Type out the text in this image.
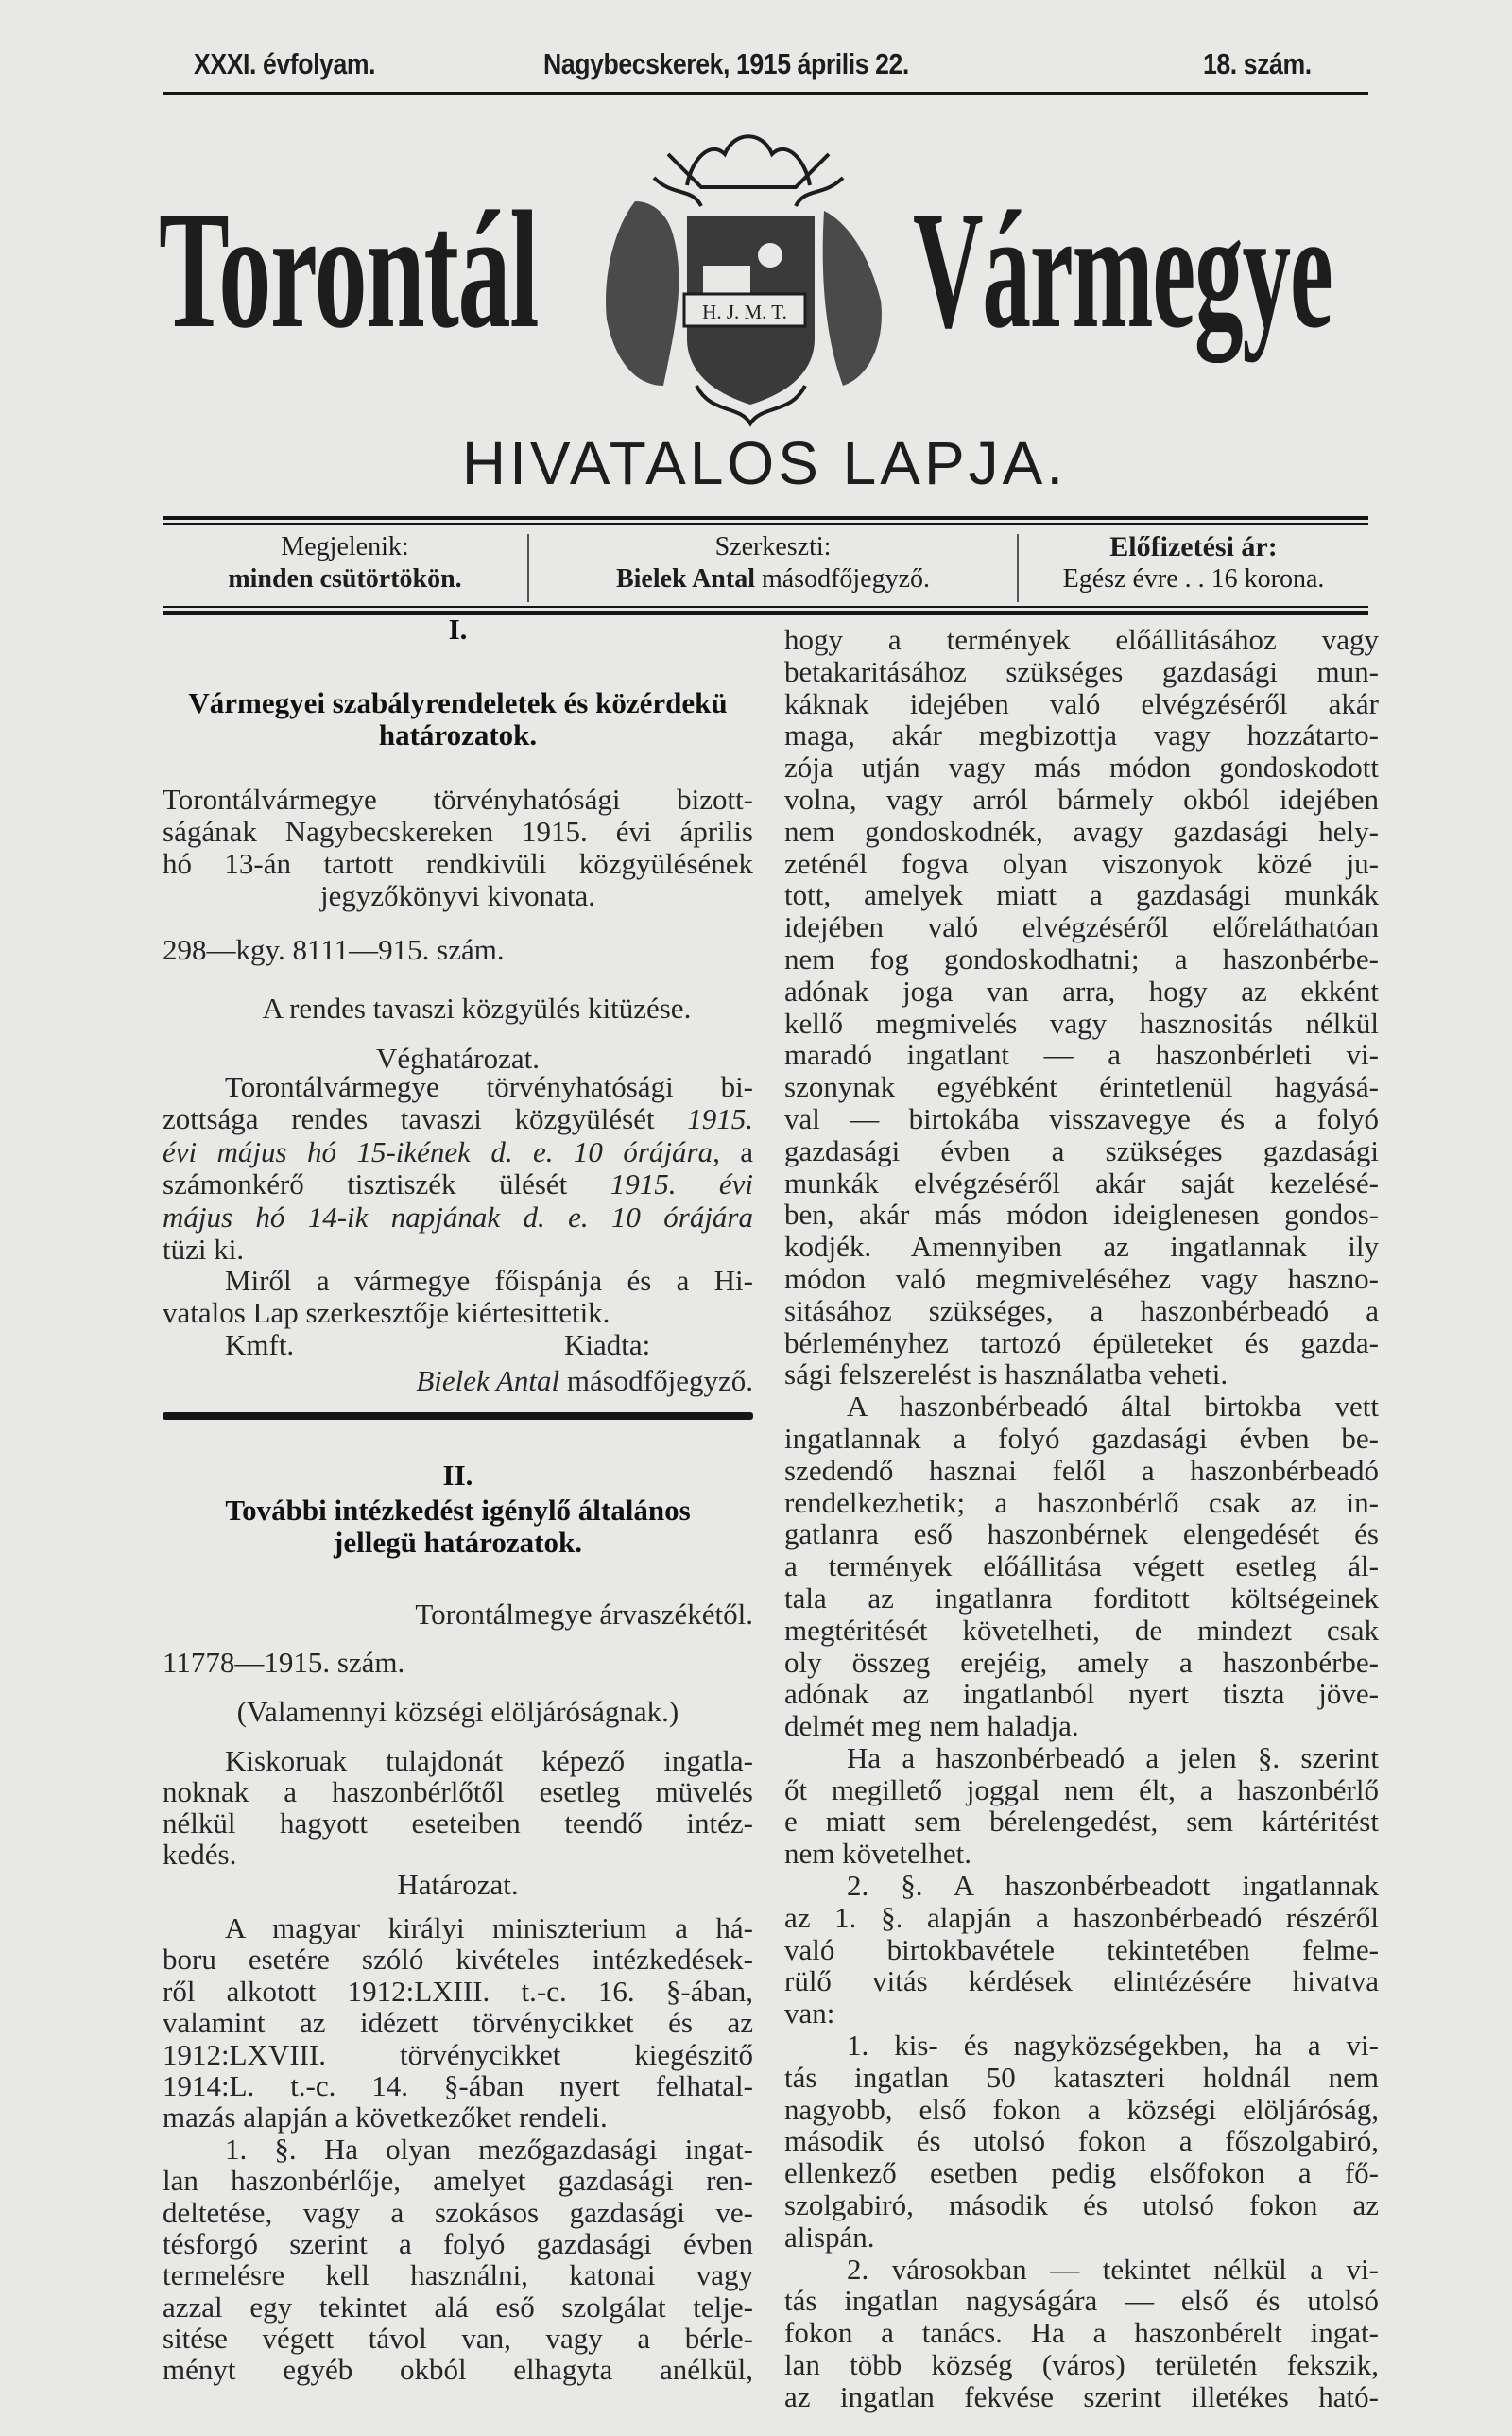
XXXI. évfolyam.	Nagybecskerek, 1915 április 22.	18. szám.
Torontál Vármegye
H. J. M. T.
HIVATALOS LAPJA.
Megjelenik:
minden csütörtökön.
Szerkeszti:
Bielek Antal másodfőjegyző.
Előfizetési ár:
Egész évre . . 16 korona.
I.
Vármegyei szabályrendeletek és közérdekü
határozatok.
Torontálvármegye törvényhatósági bizott-
ságának Nagybecskereken 1915. évi április
hó 13-án tartott rendkivüli közgyülésének
jegyzőkönyvi kivonata.
298—kgy. 8111—915. szám.
A rendes tavaszi közgyülés kitüzése.
Véghatározat.
Torontálvármegye törvényhatósági bi-
zottsága rendes tavaszi közgyülését 1915.
évi május hó 15-ikének d. e. 10 órájára, a
számonkérő tisztiszék ülését 1915. évi
május hó 14-ik napjának d. e. 10 órájára
tüzi ki.
Miről a vármegye főispánja és a Hi-
vatalos Lap szerkesztője kiértesittetik.
Kmft.	Kiadta:
Bielek Antal másodfőjegyző.
II.
További intézkedést igénylő általános
jellegü határozatok.
Torontálmegye árvaszékétől.
11778—1915. szám.
(Valamennyi községi elöljáróságnak.)
Kiskoruak tulajdonát képező ingatla-
noknak a haszonbérlőtől esetleg müvelés
nélkül hagyott eseteiben teendő intéz-
kedés.
Határozat.
A magyar királyi miniszterium a há-
boru esetére szóló kivételes intézkedések-
ről alkotott 1912:LXIII. t.-c. 16. §-ában,
valamint az idézett törvénycikket és az
1912:LXVIII. törvénycikket kiegészitő
1914:L. t.-c. 14. §-ában nyert felhatal-
mazás alapján a következőket rendeli.
1. §. Ha olyan mezőgazdasági ingat-
lan haszonbérlője, amelyet gazdasági ren-
deltetése, vagy a szokásos gazdasági ve-
tésforgó szerint a folyó gazdasági évben
termelésre kell használni, katonai vagy
azzal egy tekintet alá eső szolgálat telje-
sitése végett távol van, vagy a bérle-
ményt egyéb okból elhagyta anélkül,
hogy a termények előállitásához vagy
betakaritásához szükséges gazdasági mun-
káknak idejében való elvégzéséről akár
maga, akár megbizottja vagy hozzátarto-
zója utján vagy más módon gondoskodott
volna, vagy arról bármely okból idejében
nem gondoskodnék, avagy gazdasági hely-
zeténél fogva olyan viszonyok közé ju-
tott, amelyek miatt a gazdasági munkák
idejében való elvégzéséről előreláthatóan
nem fog gondoskodhatni; a haszonbérbe-
adónak joga van arra, hogy az ekként
kellő megmivelés vagy hasznositás nélkül
maradó ingatlant — a haszonbérleti vi-
szonynak egyébként érintetlenül hagyásá-
val — birtokába visszavegye és a folyó
gazdasági évben a szükséges gazdasági
munkák elvégzéséről akár saját kezelésé-
ben, akár más módon ideiglenesen gondos-
kodjék. Amennyiben az ingatlannak ily
módon való megmiveléséhez vagy haszno-
sitásához szükséges, a haszonbérbeadó a
bérleményhez tartozó épületeket és gazda-
sági felszerelést is használatba veheti.
A haszonbérbeadó által birtokba vett
ingatlannak a folyó gazdasági évben be-
szedendő hasznai felől a haszonbérbeadó
rendelkezhetik; a haszonbérlő csak az in-
gatlanra eső haszonbérnek elengedését és
a termények előállitása végett esetleg ál-
tala az ingatlanra forditott költségeinek
megtéritését követelheti, de mindezt csak
oly összeg erejéig, amely a haszonbérbe-
adónak az ingatlanból nyert tiszta jöve-
delmét meg nem haladja.
Ha a haszonbérbeadó a jelen §. szerint
őt megillető joggal nem élt, a haszonbérlő
e miatt sem bérelengedést, sem kártéritést
nem követelhet.
2. §. A haszonbérbeadott ingatlannak
az 1. §. alapján a haszonbérbeadó részéről
való birtokbavétele tekintetében felme-
rülő vitás kérdések elintézésére hivatva
van:
1. kis- és nagyközségekben, ha a vi-
tás ingatlan 50 kataszteri holdnál nem
nagyobb, első fokon a községi elöljáróság,
második és utolsó fokon a főszolgabiró,
ellenkező esetben pedig elsőfokon a fő-
szolgabiró, második és utolsó fokon az
alispán.
2. városokban — tekintet nélkül a vi-
tás ingatlan nagyságára — első és utolsó
fokon a tanács. Ha a haszonbérelt ingat-
lan több község (város) területén fekszik,
az ingatlan fekvése szerint illetékes ható-
